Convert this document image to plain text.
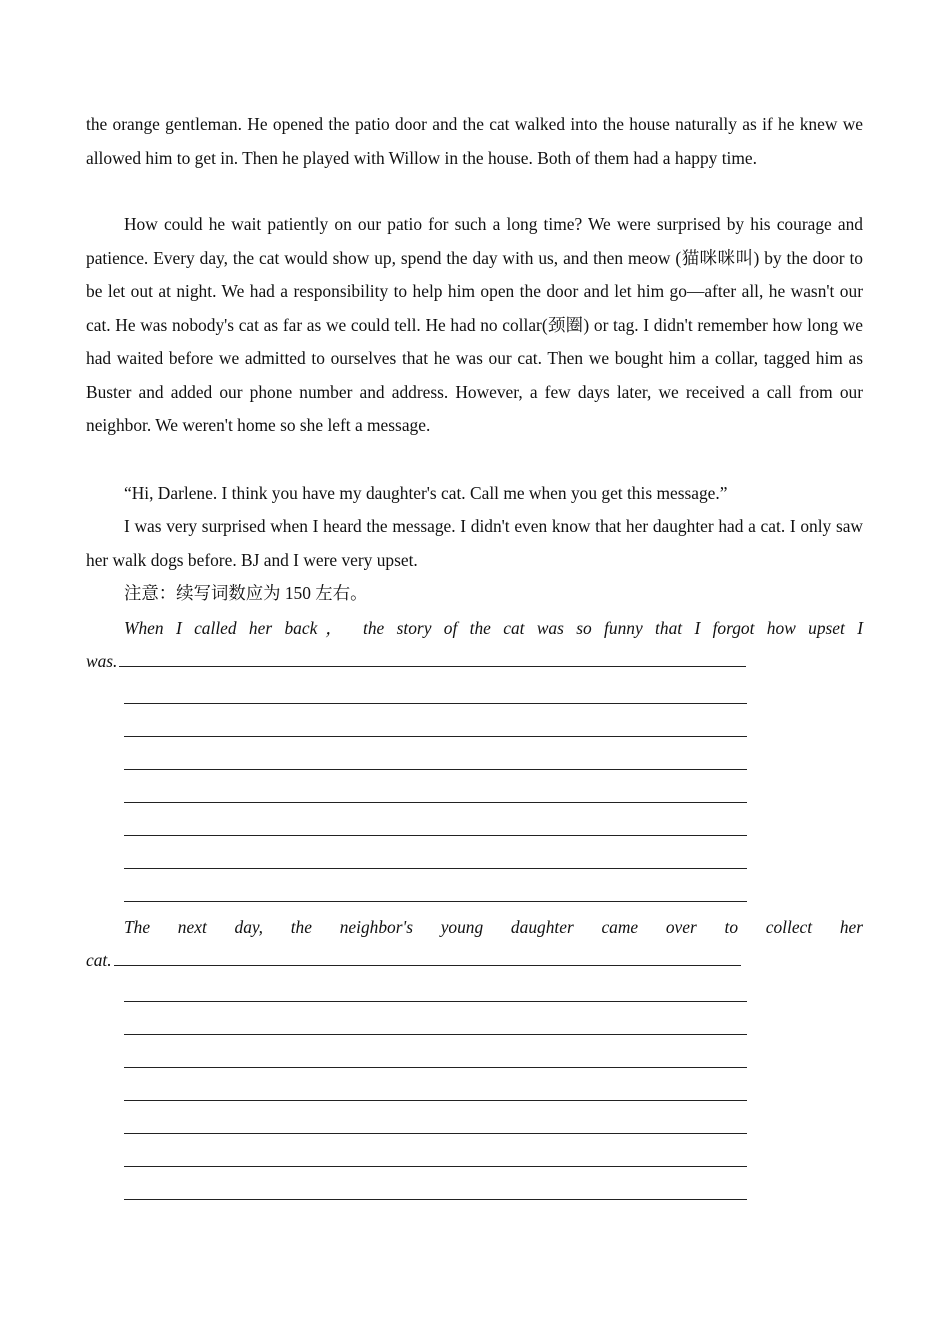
the orange gentleman. He opened the patio door and the cat walked into the house naturally as if he knew we allowed him to get in. Then he played with Willow in the house. Both of them had a happy time.

How could he wait patiently on our patio for such a long time? We were surprised by his courage and patience. Every day, the cat would show up, spend the day with us, and then meow (猫咪咪叫) by the door to be let out at night. We had a responsibility to help him open the door and let him go—after all, he wasn't our cat. He was nobody's cat as far as we could tell. He had no collar(颈圈) or tag. I didn't remember how long we had waited before we admitted to ourselves that he was our cat. Then we bought him a collar, tagged him as Buster and added our phone number and address. However, a few days later, we received a call from our neighbor. We weren't home so she left a message.

“Hi, Darlene. I think you have my daughter's cat. Call me when you get this message.”

I was very surprised when I heard the message. I didn't even know that her daughter had a cat. I only saw her walk dogs before. BJ and I were very upset.

注意：续写词数应为 150 左右。

When I called her back， the story of the cat was so funny that I forgot how upset I
was.
The next day, the neighbor's young daughter came over to collect her
cat.
